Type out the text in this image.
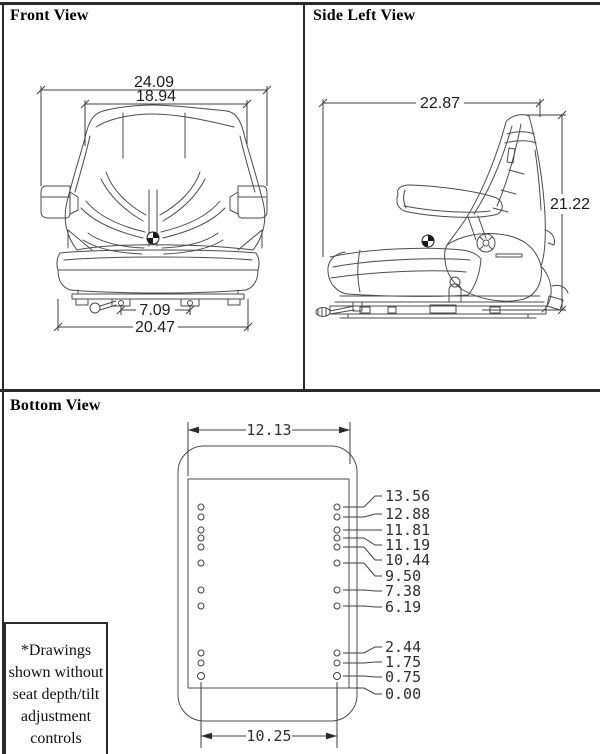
Front View	Side Left View
Bottom View
*Drawings
shown without
seat depth/tilt
adjustment
controls
24.09
18.94
7.09
20.47
22.87
21.22
12.13
10.25
13.56
12.88
11.81
11.19
10.44
9.50
7.38
6.19
2.44
1.75
0.75
0.00
